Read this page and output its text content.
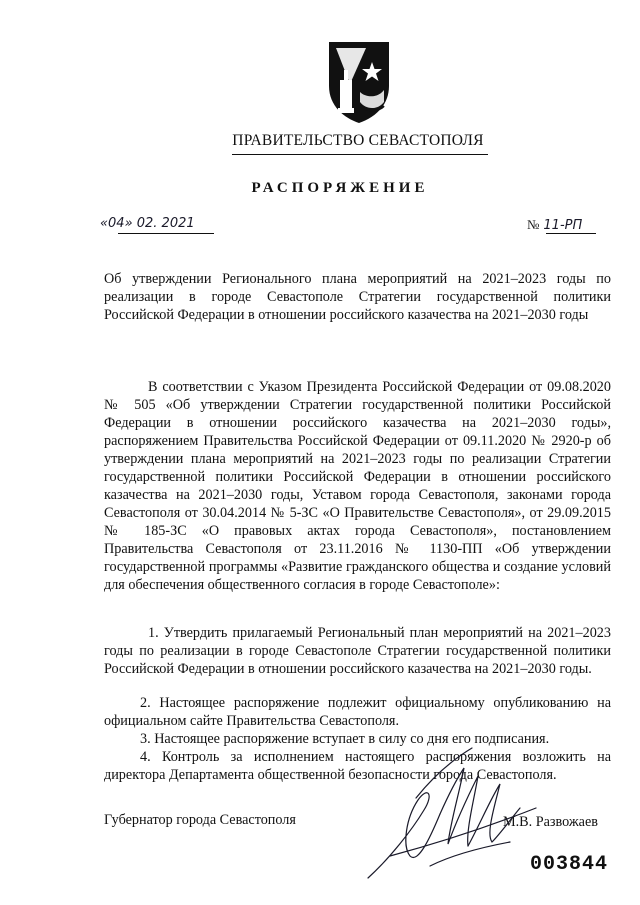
ПРАВИТЕЛЬСТВО СЕВАСТОПОЛЯ
РАСПОРЯЖЕНИЕ
«04» 02. 2021	№ 11-РП
Об утверждении Регионального плана мероприятий на 2021–2023 годы по реализации в городе Севастополе Стратегии государственной политики Российской Федерации в отношении российского казачества на 2021–2030 годы
В соответствии с Указом Президента Российской Федерации от 09.08.2020 № 505 «Об утверждении Стратегии государственной политики Российской Федерации в отношении российского казачества на 2021–2030 годы», распоряжением Правительства Российской Федерации от 09.11.2020 № 2920-р об утверждении плана мероприятий на 2021–2023 годы по реализации Стратегии государственной политики Российской Федерации в отношении российского казачества на 2021–2030 годы, Уставом города Севастополя, законами города Севастополя от 30.04.2014 № 5-ЗС «О Правительстве Севастополя», от 29.09.2015 № 185-ЗС «О правовых актах города Севастополя», постановлением Правительства Севастополя от 23.11.2016 № 1130-ПП «Об утверждении государственной программы «Развитие гражданского общества и создание условий для обеспечения общественного согласия в городе Севастополе»:
1. Утвердить прилагаемый Региональный план мероприятий на 2021–2023 годы по реализации в городе Севастополе Стратегии государственной политики Российской Федерации в отношении российского казачества на 2021–2030 годы.
2. Настоящее распоряжение подлежит официальному опубликованию на официальном сайте Правительства Севастополя.
3. Настоящее распоряжение вступает в силу со дня его подписания.
4. Контроль за исполнением настоящего распоряжения возложить на директора Департамента общественной безопасности города Севастополя.
Губернатор города Севастополя	М.В. Развожаев
003844
